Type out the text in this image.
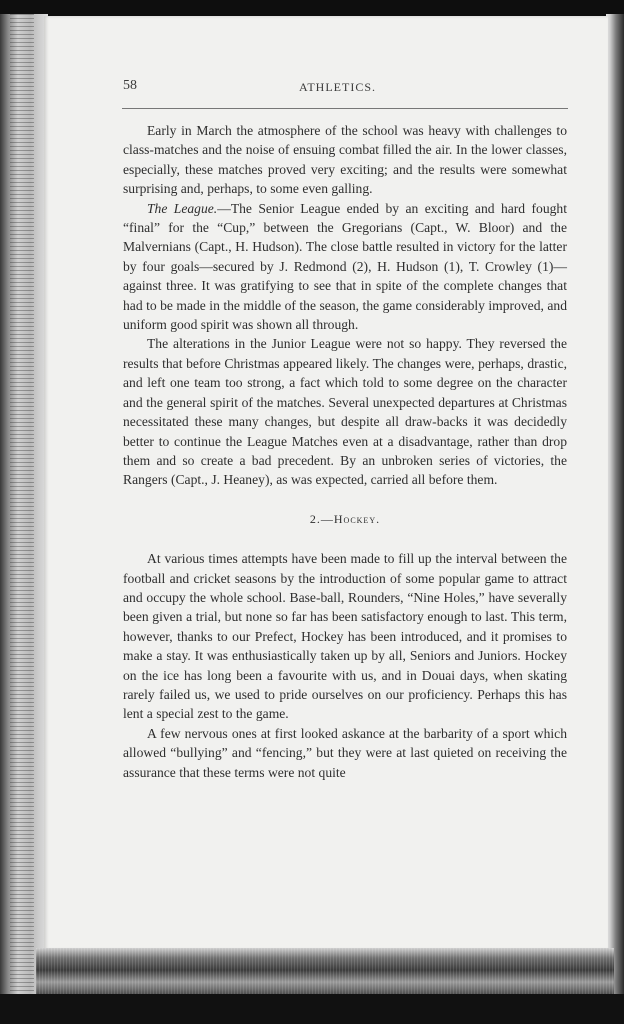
58	ATHLETICS.

Early in March the atmosphere of the school was heavy with challenges to class-matches and the noise of ensuing combat filled the air. In the lower classes, especially, these matches proved very exciting; and the results were somewhat surprising and, perhaps, to some even galling.

The League.—The Senior League ended by an exciting and hard fought “final” for the “Cup,” between the Gregorians (Capt., W. Bloor) and the Malvernians (Capt., H. Hudson). The close battle resulted in victory for the latter by four goals—secured by J. Redmond (2), H. Hudson (1), T. Crowley (1)—against three. It was gratifying to see that in spite of the complete changes that had to be made in the middle of the season, the game considerably improved, and uniform good spirit was shown all through.

The alterations in the Junior League were not so happy. They reversed the results that before Christmas appeared likely. The changes were, perhaps, drastic, and left one team too strong, a fact which told to some degree on the character and the general spirit of the matches. Several unexpected departures at Christmas necessitated these many changes, but despite all draw-backs it was decidedly better to continue the League Matches even at a disadvantage, rather than drop them and so create a bad precedent. By an unbroken series of victories, the Rangers (Capt., J. Heaney), as was expected, carried all before them.

2.—Hockey.

At various times attempts have been made to fill up the interval between the football and cricket seasons by the introduction of some popular game to attract and occupy the whole school. Base-ball, Rounders, “Nine Holes,” have severally been given a trial, but none so far has been satisfactory enough to last. This term, however, thanks to our Prefect, Hockey has been introduced, and it promises to make a stay. It was enthusiastically taken up by all, Seniors and Juniors. Hockey on the ice has long been a favourite with us, and in Douai days, when skating rarely failed us, we used to pride ourselves on our proficiency. Perhaps this has lent a special zest to the game.

A few nervous ones at first looked askance at the barbarity of a sport which allowed “bullying” and “fencing,” but they were at last quieted on receiving the assurance that these terms were not quite
